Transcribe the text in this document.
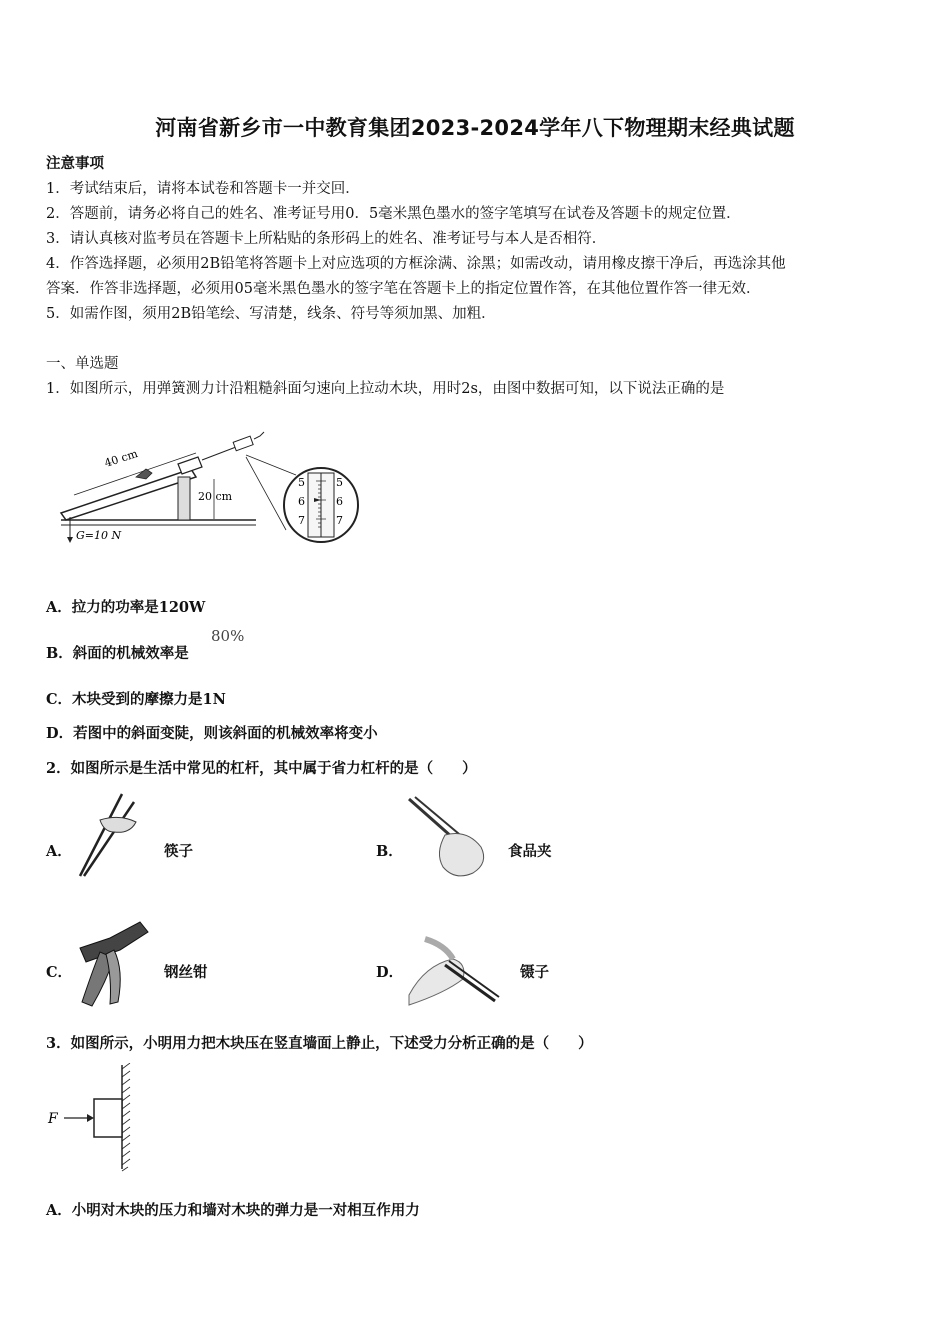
河南省新乡市一中教育集团2023-2024学年八下物理期末经典试题
注意事项
1．考试结束后，请将本试卷和答题卡一并交回．
2．答题前，请务必将自己的姓名、准考证号用0．5毫米黑色墨水的签字笔填写在试卷及答题卡的规定位置．
3．请认真核对监考员在答题卡上所粘贴的条形码上的姓名、准考证号与本人是否相符．
4．作答选择题，必须用2B铅笔将答题卡上对应选项的方框涂满、涂黑；如需改动，请用橡皮擦干净后，再选涂其他
答案．作答非选择题，必须用05毫米黑色墨水的签字笔在答题卡上的指定位置作答，在其他位置作答一律无效．
5．如需作图，须用2B铅笔绘、写清楚，线条、符号等须加黑、加粗．
一、单选题
1．如图所示，用弹簧测力计沿粗糙斜面匀速向上拉动木块，用时2s，由图中数据可知，以下说法正确的是
40 cm
20 cm
G=10 N
5
6
7
5
6
7
A．拉力的功率是120W
B．斜面的机械效率是
80%
C．木块受到的摩擦力是1N
D．若图中的斜面变陡，则该斜面的机械效率将变小
2．如图所示是生活中常见的杠杆，其中属于省力杠杆的是（　　）
A．	筷子	B．	食品夹
C．	钢丝钳	D．	镊子
3．如图所示，小明用力把木块压在竖直墙面上静止，下述受力分析正确的是（　　）
F
A．小明对木块的压力和墙对木块的弹力是一对相互作用力
